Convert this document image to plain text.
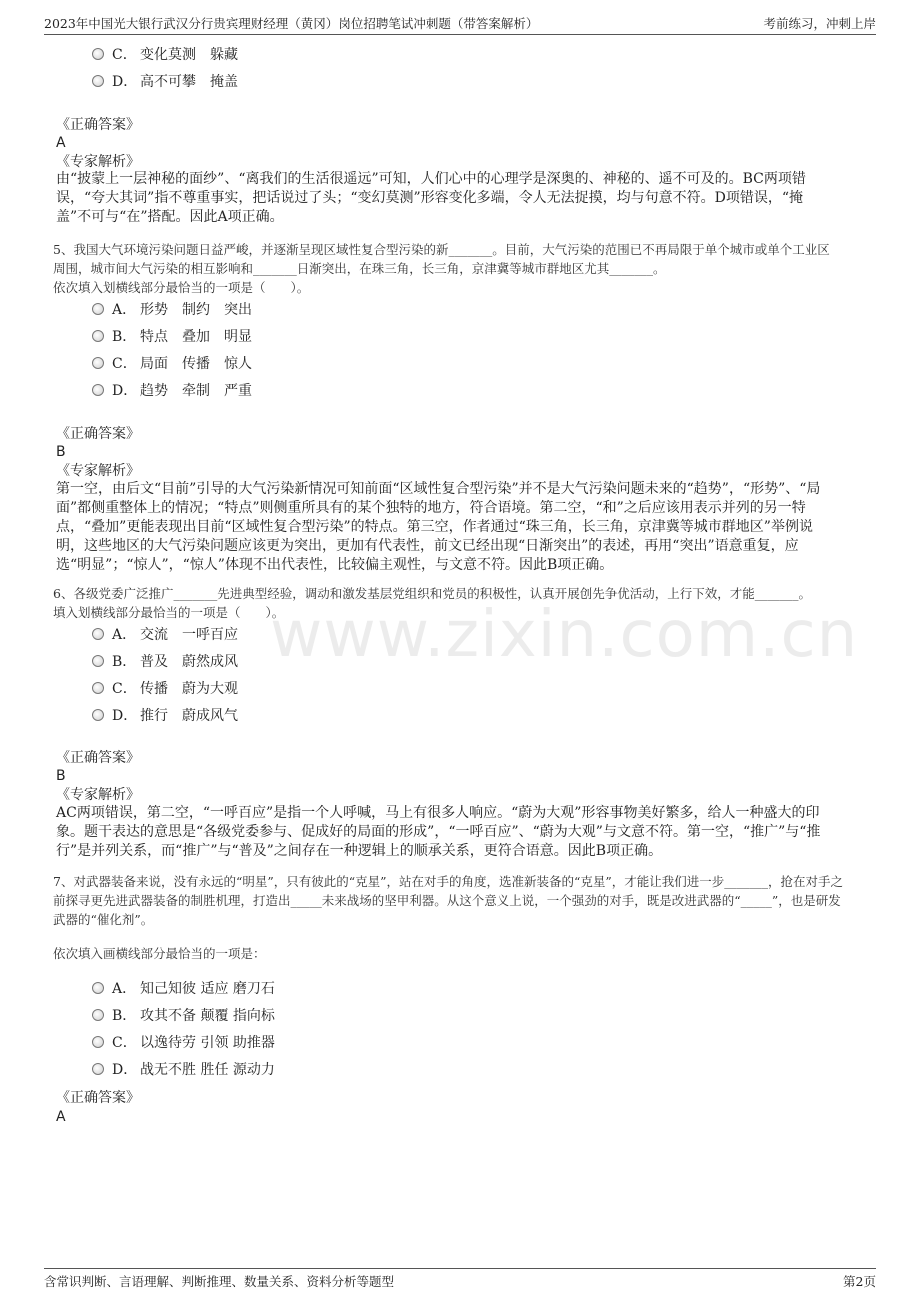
2023年中国光大银行武汉分行贵宾理财经理（黄冈）岗位招聘笔试冲刺题（带答案解析）	考前练习，冲刺上岸
www.zixin.com.cn
C． 变化莫测　躲藏
D． 高不可攀　掩盖
《正确答案》
A
《专家解析》
由“披蒙上一层神秘的面纱”、“离我们的生活很遥远”可知，人们心中的心理学是深奥的、神秘的、遥不可及的。BC两项错
误，“夸大其词”指不尊重事实，把话说过了头；“变幻莫测”形容变化多端，令人无法捉摸，均与句意不符。D项错误，“掩
盖”不可与“在”搭配。因此A项正确。
5、我国大气环境污染问题日益严峻，并逐渐呈现区域性复合型污染的新_______。目前，大气污染的范围已不再局限于单个城市或单个工业区
周围，城市间大气污染的相互影响和_______日渐突出，在珠三角，长三角，京津冀等城市群地区尤其_______。
依次填入划横线部分最恰当的一项是（　　）。
A． 形势　制约　突出
B． 特点　叠加　明显
C． 局面　传播　惊人
D． 趋势　牵制　严重
《正确答案》
B
《专家解析》
第一空，由后文“目前”引导的大气污染新情况可知前面“区域性复合型污染”并不是大气污染问题未来的“趋势”，“形势”、“局
面”都侧重整体上的情况；“特点”则侧重所具有的某个独特的地方，符合语境。第二空，“和”之后应该用表示并列的另一特
点，“叠加”更能表现出目前“区域性复合型污染”的特点。第三空，作者通过“珠三角，长三角，京津冀等城市群地区”举例说
明，这些地区的大气污染问题应该更为突出，更加有代表性，前文已经出现“日渐突出”的表述，再用“突出”语意重复，应
选“明显”；“惊人”，“惊人”体现不出代表性，比较偏主观性，与文意不符。因此B项正确。
6、各级党委广泛推广_______先进典型经验，调动和激发基层党组织和党员的积极性，认真开展创先争优活动，上行下效，才能_______。
填入划横线部分最恰当的一项是（　　）。
A． 交流　一呼百应
B． 普及　蔚然成风
C． 传播　蔚为大观
D． 推行　蔚成风气
《正确答案》
B
《专家解析》
AC两项错误，第二空，“一呼百应”是指一个人呼喊，马上有很多人响应。“蔚为大观”形容事物美好繁多，给人一种盛大的印
象。题干表达的意思是“各级党委参与、促成好的局面的形成”，“一呼百应”、“蔚为大观”与文意不符。第一空，“推广”与“推
行”是并列关系，而“推广”与“普及”之间存在一种逻辑上的顺承关系，更符合语意。因此B项正确。
7、对武器装备来说，没有永远的“明星”，只有彼此的“克星”，站在对手的角度，选准新装备的“克星”，才能让我们进一步_______，抢在对手之
前探寻更先进武器装备的制胜机理，打造出_____未来战场的坚甲利器。从这个意义上说，一个强劲的对手，既是改进武器的“_____”，也是研发
武器的“催化剂”。
依次填入画横线部分最恰当的一项是：
A． 知己知彼 适应 磨刀石
B． 攻其不备 颠覆 指向标
C． 以逸待劳 引领 助推器
D． 战无不胜 胜任 源动力
《正确答案》
A
含常识判断、言语理解、判断推理、数量关系、资料分析等题型	第2页
